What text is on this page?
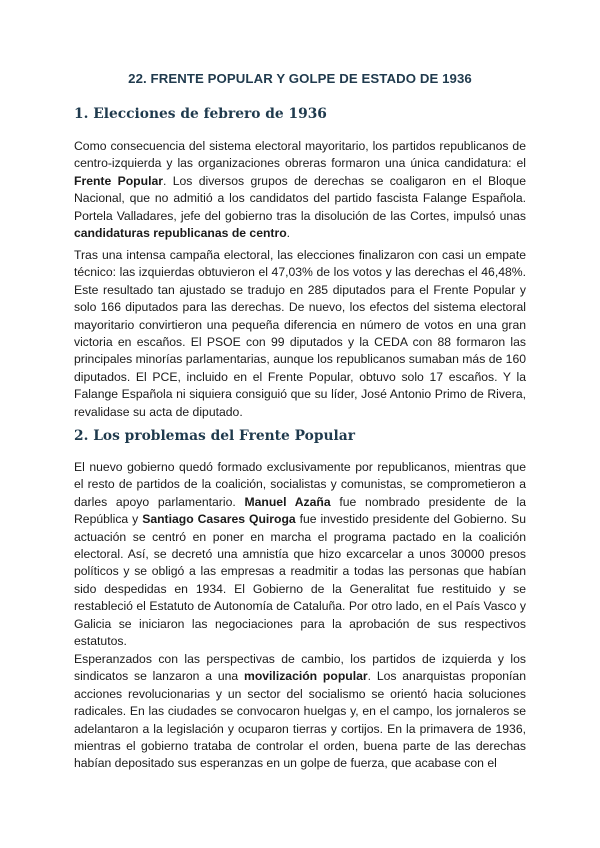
22. FRENTE POPULAR Y GOLPE DE ESTADO DE 1936
1. Elecciones de febrero de 1936

Como consecuencia del sistema electoral mayoritario, los partidos republicanos de centro-izquierda y las organizaciones obreras formaron una única candidatura: el Frente Popular. Los diversos grupos de derechas se coaligaron en el Bloque Nacional, que no admitió a los candidatos del partido fascista Falange Española. Portela Valladares, jefe del gobierno tras la disolución de las Cortes, impulsó unas candidaturas republicanas de centro.

Tras una intensa campaña electoral, las elecciones finalizaron con casi un empate técnico: las izquierdas obtuvieron el 47,03% de los votos y las derechas el 46,48%. Este resultado tan ajustado se tradujo en 285 diputados para el Frente Popular y solo 166 diputados para las derechas. De nuevo, los efectos del sistema electoral mayoritario convirtieron una pequeña diferencia en número de votos en una gran victoria en escaños. El PSOE con 99 diputados y la CEDA con 88 formaron las principales minorías parlamentarias, aunque los republicanos sumaban más de 160 diputados. El PCE, incluido en el Frente Popular, obtuvo solo 17 escaños. Y la Falange Española ni siquiera consiguió que su líder, José Antonio Primo de Rivera, revalidase su acta de diputado.

2. Los problemas del Frente Popular

El nuevo gobierno quedó formado exclusivamente por republicanos, mientras que el resto de partidos de la coalición, socialistas y comunistas, se comprometieron a darles apoyo parlamentario. Manuel Azaña fue nombrado presidente de la República y Santiago Casares Quiroga fue investido presidente del Gobierno. Su actuación se centró en poner en marcha el programa pactado en la coalición electoral. Así, se decretó una amnistía que hizo excarcelar a unos 30000 presos políticos y se obligó a las empresas a readmitir a todas las personas que habían sido despedidas en 1934. El Gobierno de la Generalitat fue restituido y se restableció el Estatuto de Autonomía de Cataluña. Por otro lado, en el País Vasco y Galicia se iniciaron las negociaciones para la aprobación de sus respectivos estatutos.

Esperanzados con las perspectivas de cambio, los partidos de izquierda y los sindicatos se lanzaron a una movilización popular. Los anarquistas proponían acciones revolucionarias y un sector del socialismo se orientó hacia soluciones radicales. En las ciudades se convocaron huelgas y, en el campo, los jornaleros se adelantaron a la legislación y ocuparon tierras y cortijos. En la primavera de 1936, mientras el gobierno trataba de controlar el orden, buena parte de las derechas habían depositado sus esperanzas en un golpe de fuerza, que acabase con el
